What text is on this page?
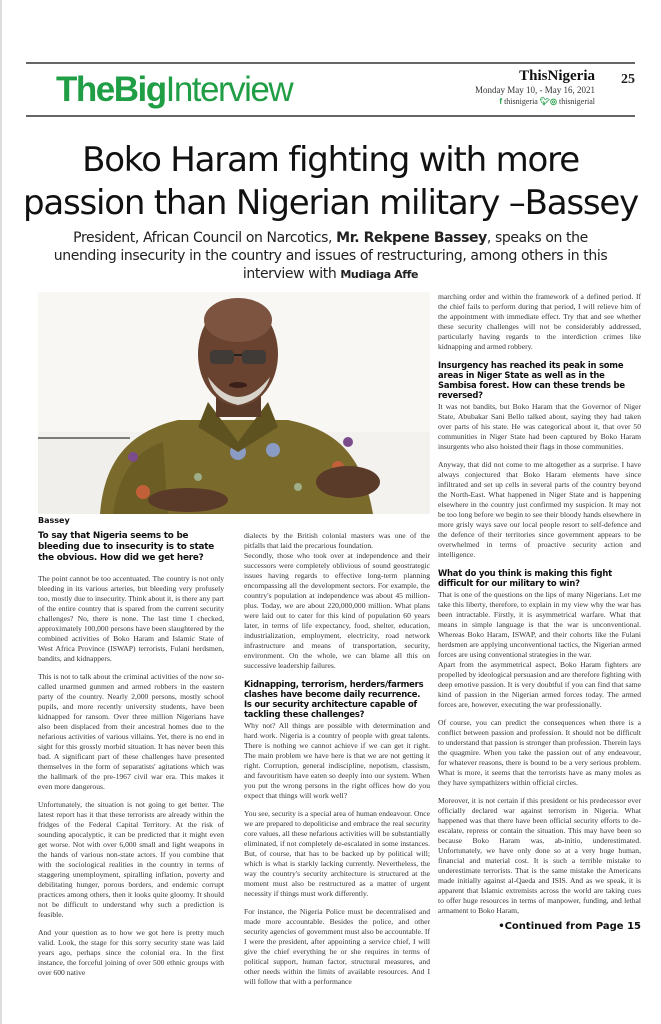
TheBigInterview	ThisNigeria
Monday May 10, - May 16, 2021
f thisnigeria 🐦︎◎ thisnigerial
25
Boko Haram fighting with more
passion than Nigerian military –Bassey
President, African Council on Narcotics, Mr. Rekpene Bassey, speaks on the unending insecurity in the country and issues of restructuring, among others in this interview with Mudiaga Affe
Bassey
To say that Nigeria seems to be bleeding due to insecurity is to state the obvious. How did we get here?

The point cannot be too accentuated. The country is not only bleeding in its various arteries, but bleeding very profusely too, mostly due to insecurity. Think about it, is there any part of the entire country that is spared from the current security challenges? No, there is none. The last time I checked, approximately 100,000 persons have been slaughtered by the combined activities of Boko Haram and Islamic State of West Africa Province (ISWAP) terrorists, Fulani herdsmen, bandits, and kidnappers.

This is not to talk about the criminal activities of the now so-called unarmed gunmen and armed robbers in the eastern party of the country. Nearly 2,000 persons, mostly school pupils, and more recently university students, have been kidnapped for ransom. Over three million Nigerians have also been displaced from their ancestral homes due to the nefarious activities of various villains. Yet, there is no end in sight for this grossly morbid situation. It has never been this bad. A significant part of these challenges have presented themselves in the form of separatists' agitations which was the hallmark of the pre-1967 civil war era. This makes it even more dangerous.

Unfortunately, the situation is not going to get better. The latest report has it that these terrorists are already within the fridges of the Federal Capital Territory. At the risk of sounding apocalyptic, it can be predicted that it might even get worse. Not with over 6,000 small and light weapons in the hands of various non-state actors. If you combine that with the sociological realities in the country in terms of staggering unemployment, spiralling inflation, poverty and debilitating hunger, porous borders, and endemic corrupt practices among others, then it looks quite gloomy. It should not be difficult to understand why such a prediction is feasible.

And your question as to how we got here is pretty much valid. Look, the stage for this sorry security state was laid years ago, perhaps since the colonial era. In the first instance, the forceful joining of over 500 ethnic groups with over 600 native

dialects by the British colonial masters was one of the pitfalls that laid the precarious foundation.

Secondly, those who took over at independence and their successors were completely oblivious of sound geostrategic issues having regards to effective long-term planning encompassing all the development sectors. For example, the country's population at independence was about 45 million-plus. Today, we are about 220,000,000 million. What plans were laid out to cater for this kind of population 60 years later, in terms of life expectancy, food, shelter, education, industrialization, employment, electricity, road network infrastructure and means of transportation, security, environment. On the whole, we can blame all this on successive leadership failures.

Kidnapping, terrorism, herders/farmers clashes have become daily recurrence. Is our security architecture capable of tackling these challenges?

Why not? All things are possible with determination and hard work. Nigeria is a country of people with great talents. There is nothing we cannot achieve if we can get it right. The main problem we have here is that we are not getting it right. Corruption, general indiscipline, nepotism, classism, and favouritism have eaten so deeply into our system. When you put the wrong persons in the right offices how do you expect that things will work well?

You see, security is a special area of human endeavour. Once we are prepared to depoliticise and embrace the real security core values, all these nefarious activities will be substantially eliminated, if not completely de-escalated in some instances. But, of course, that has to be backed up by political will; which is what is starkly lacking currently. Nevertheless, the way the country's security architecture is structured at the moment must also be restructured as a matter of urgent necessity if things must work differently.

For instance, the Nigeria Police must be decentralised and made more accountable. Besides the police, and other security agencies of government must also be accountable. If I were the president, after appointing a service chief, I will give the chief everything he or she requires in terms of political support, human factor, structural measures, and other needs within the limits of available resources. And I will follow that with a performance

marching order and within the framework of a defined period. If the chief fails to perform during that period, I will relieve him of the appointment with immediate effect. Try that and see whether these security challenges will not be considerably addressed, particularly having regards to the interdiction crimes like kidnapping and armed robbery.

Insurgency has reached its peak in some areas in Niger State as well as in the Sambisa forest. How can these trends be reversed?

It was not bandits, but Boko Haram that the Governor of Niger State, Abubakar Sani Bello talked about, saying they had taken over parts of his state. He was categorical about it, that over 50 communities in Niger State had been captured by Boko Haram insurgents who also hoisted their flags in those communities.

Anyway, that did not come to me altogether as a surprise. I have always conjectured that Boko Haram elements have since infiltrated and set up cells in several parts of the country beyond the North-East. What happened in Niger State and is happening elsewhere in the country just confirmed my suspicion. It may not be too long before we begin to see their bloody hands elsewhere in more grisly ways save our local people resort to self-defence and the defence of their territories since government appears to be overwhelmed in terms of proactive security action and intelligence.

What do you think is making this fight difficult for our military to win?

That is one of the questions on the lips of many Nigerians. Let me take this liberty, therefore, to explain in my view why the war has been intractable. Firstly, it is asymmetrical warfare. What that means in simple language is that the war is unconventional. Whereas Boko Haram, ISWAP, and their cohorts like the Fulani herdsmen are applying unconventional tactics, the Nigerian armed forces are using conventional strategies in the war.

Apart from the asymmetrical aspect, Boko Haram fighters are propelled by ideological persuasion and are therefore fighting with deep emotive passion. It is very doubtful if you can find that same kind of passion in the Nigerian armed forces today. The armed forces are, however, executing the war professionally.

Of course, you can predict the consequences when there is a conflict between passion and profession. It should not be difficult to understand that passion is stronger than profession. Therein lays the quagmire. When you take the passion out of any endeavour, for whatever reasons, there is bound to be a very serious problem. What is more, it seems that the terrorists have as many moles as they have sympathizers within official circles.

Moreover, it is not certain if this president or his predecessor ever officially declared war against terrorism in Nigeria. What happened was that there have been official security efforts to de-escalate, repress or contain the situation. This may have been so because Boko Haram was, ab-initio, underestimated. Unfortunately, we have only done so at a very huge human, financial and material cost. It is such a terrible mistake to underestimate terrorists. That is the same mistake the Americans made initially against al-Qaeda and ISIS. And as we speak, it is apparent that Islamic extremists across the world are taking cues to offer huge resources in terms of manpower, funding, and lethal armament to Boko Haram,

•Continued from Page 15
